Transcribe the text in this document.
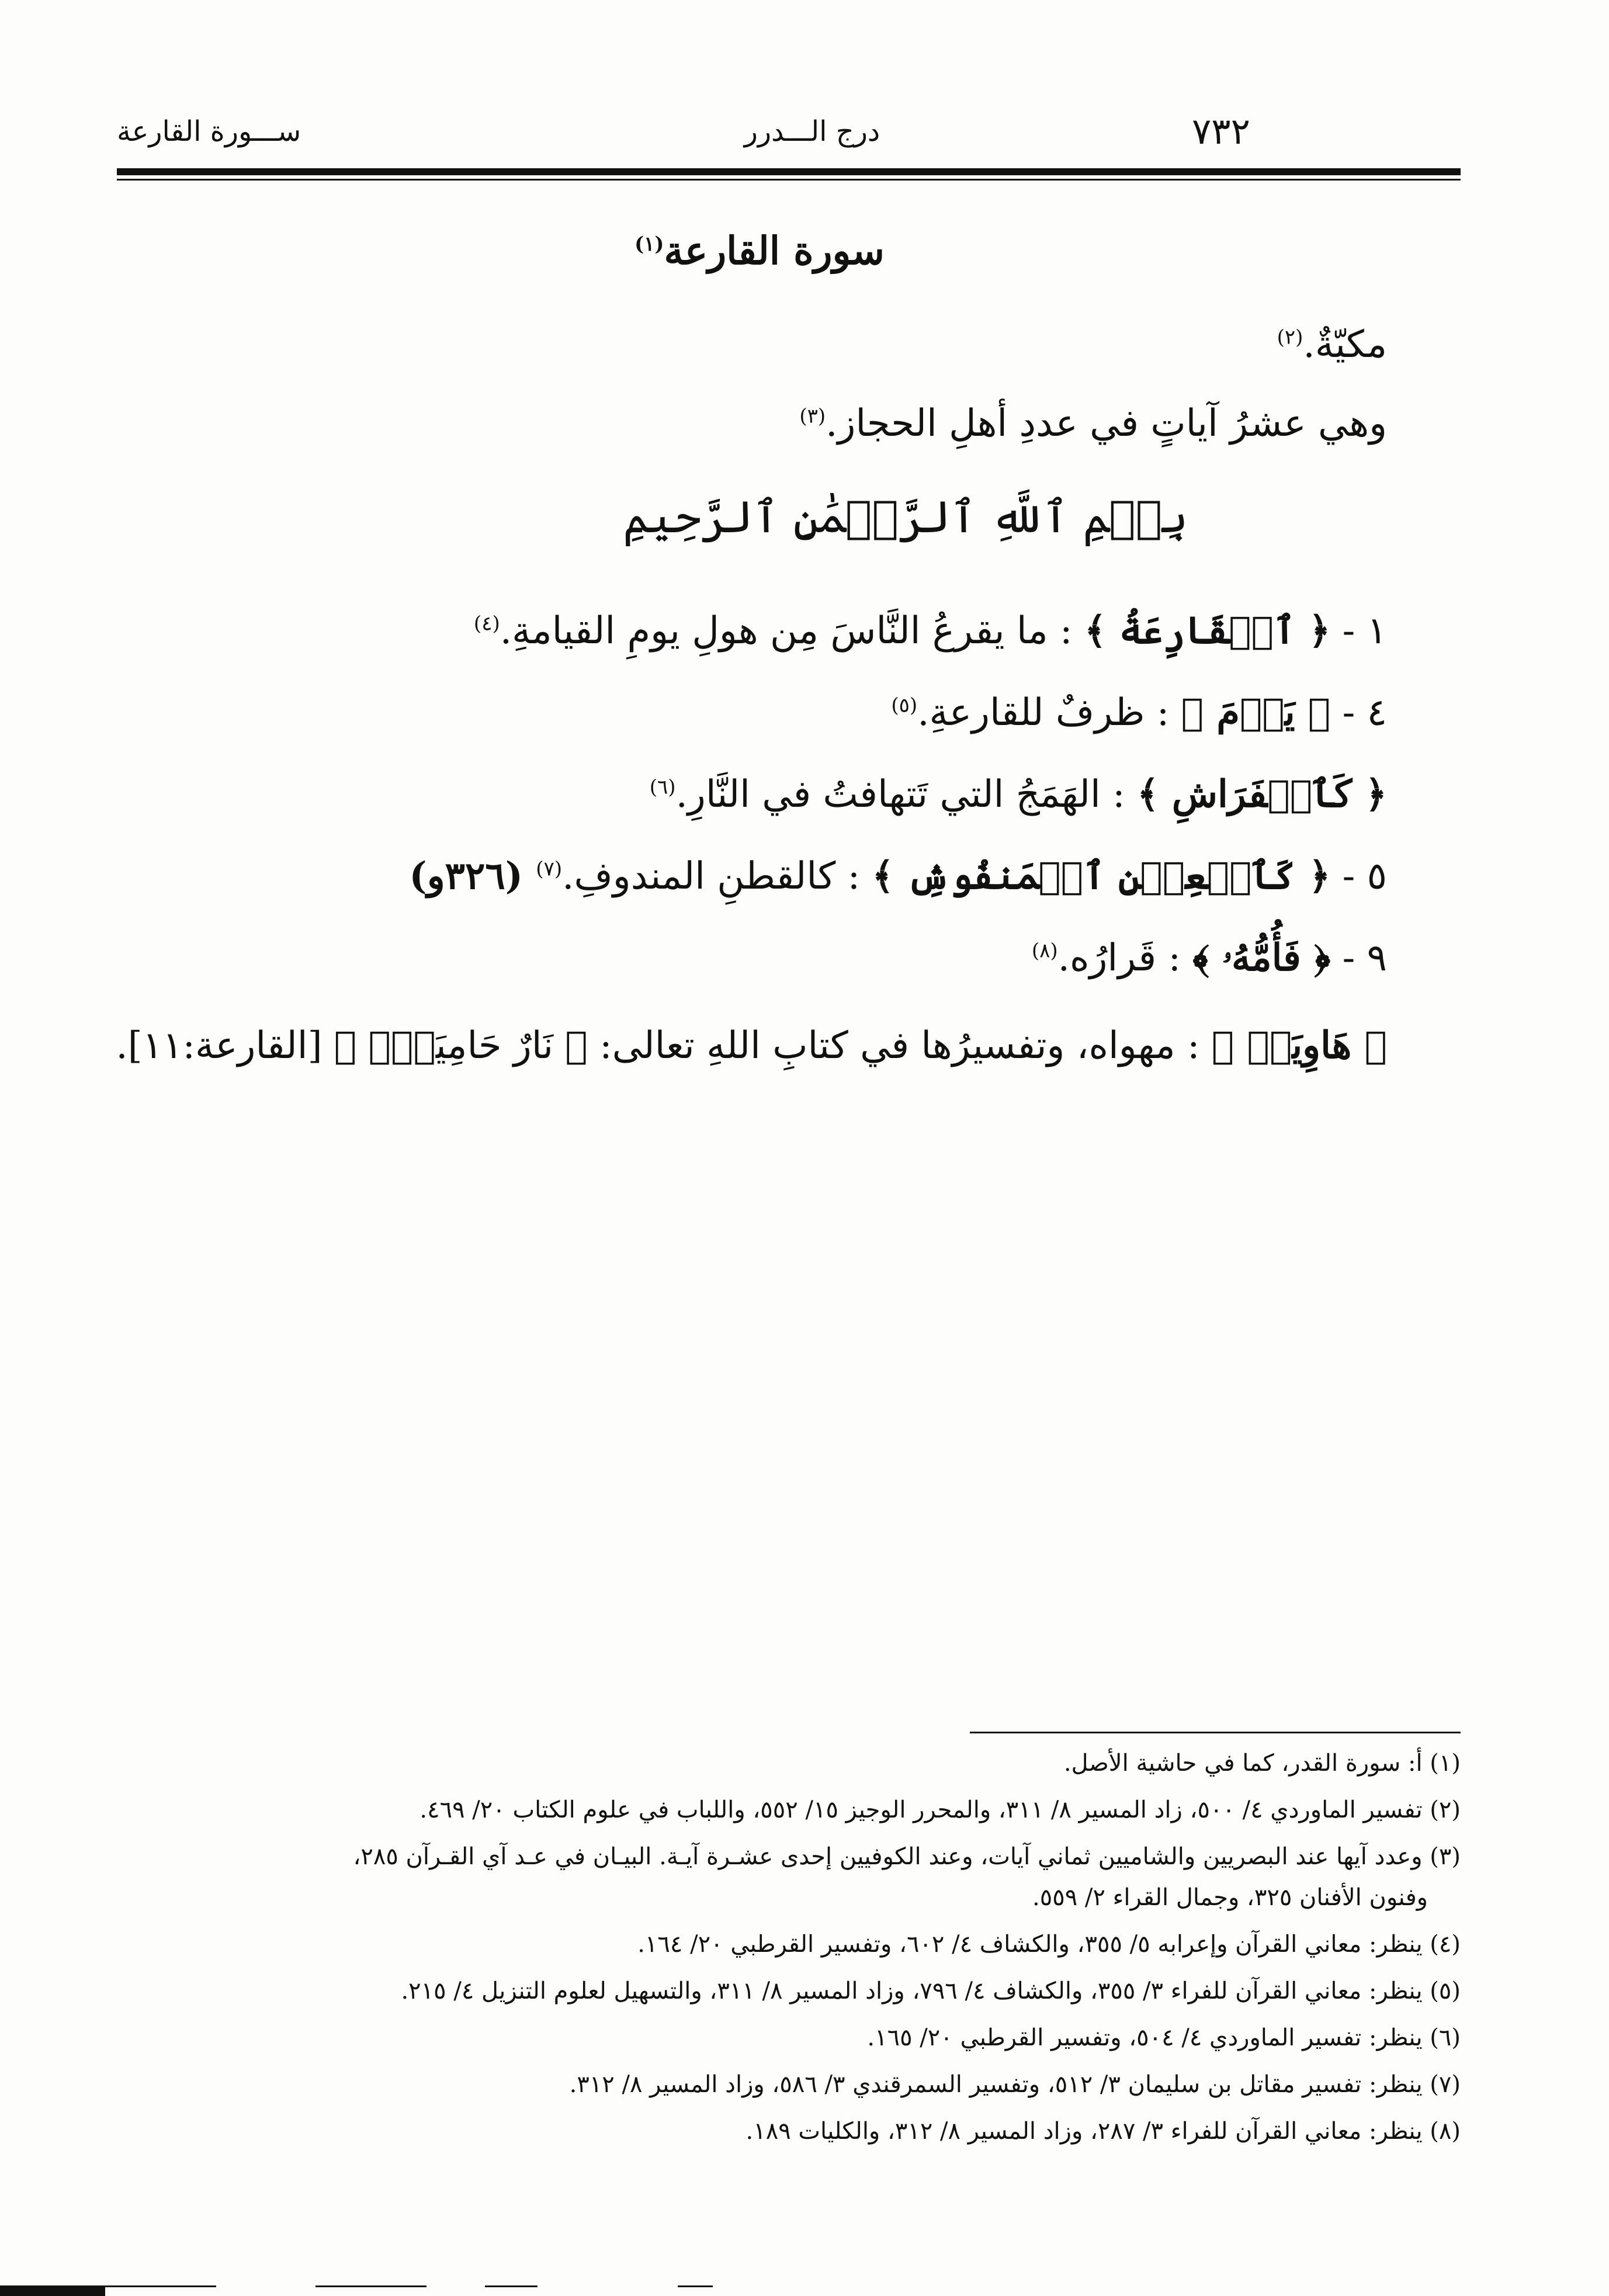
٧٣٢
درج الـــدرر
ســـورة القارعة
سورة القارعة$^{(١)}$
مكيّةٌ.$^{(٢)}$
وهي عشرُ آياتٍ في عددِ أهلِ الحجاز.$^{(٣)}$
بِسۡمِ ٱللَّهِ ٱلرَّحۡمَٰنِ ٱلرَّحِيمِ
١ - ﴿ ٱلۡقَارِعَةُ ﴾ : ما يقرعُ النَّاسَ مِن هولِ يومِ القيامةِ.$^{(٤)}$
٤ - ﴿ يَوۡمَ ﴾ : ظرفٌ للقارعةِ.$^{(٥)}$
﴿ كَٱلۡفَرَاشِ ﴾ : الهَمَجُ التي تَتهافتُ في النَّارِ.$^{(٦)}$
٥ - ﴿ كَٱلۡعِهۡنِ ٱلۡمَنفُوشِ ﴾ : كالقطنِ المندوفِ.$^{(٧)}$ (٣٢٦و)
٩ - ﴿ فَأُمُّهُۥ ﴾ : قَرارُه.$^{(٨)}$
﴿ هَاوِيَةٞ ﴾ : مهواه، وتفسيرُها في كتابِ اللهِ تعالى: ﴿ نَارٌ حَامِيَةُۢ ﴾ [القارعة:١١].
(١) أ: سورة القدر، كما في حاشية الأصل.
(٢) تفسير الماوردي ٤/ ٥٠٠، زاد المسير ٨/ ٣١١، والمحرر الوجيز ١٥/ ٥٥٢، واللباب في علوم الكتاب ٢٠/ ٤٦٩.
(٣) وعدد آيها عند البصريين والشاميين ثماني آيات، وعند الكوفيين إحدى عشـرة آيـة. البيـان في عـد آي القـرآن ٢٨٥،
وفنون الأفنان ٣٢٥، وجمال القراء ٢/ ٥٥٩.
(٤) ينظر: معاني القرآن وإعرابه ٥/ ٣٥٥، والكشاف ٤/ ٦٠٢، وتفسير القرطبي ٢٠/ ١٦٤.
(٥) ينظر: معاني القرآن للفراء ٣/ ٣٥٥، والكشاف ٤/ ٧٩٦، وزاد المسير ٨/ ٣١١، والتسهيل لعلوم التنزيل ٤/ ٢١٥.
(٦) ينظر: تفسير الماوردي ٤/ ٥٠٤، وتفسير القرطبي ٢٠/ ١٦٥.
(٧) ينظر: تفسير مقاتل بن سليمان ٣/ ٥١٢، وتفسير السمرقندي ٣/ ٥٨٦، وزاد المسير ٨/ ٣١٢.
(٨) ينظر: معاني القرآن للفراء ٣/ ٢٨٧، وزاد المسير ٨/ ٣١٢، والكليات ١٨٩.
